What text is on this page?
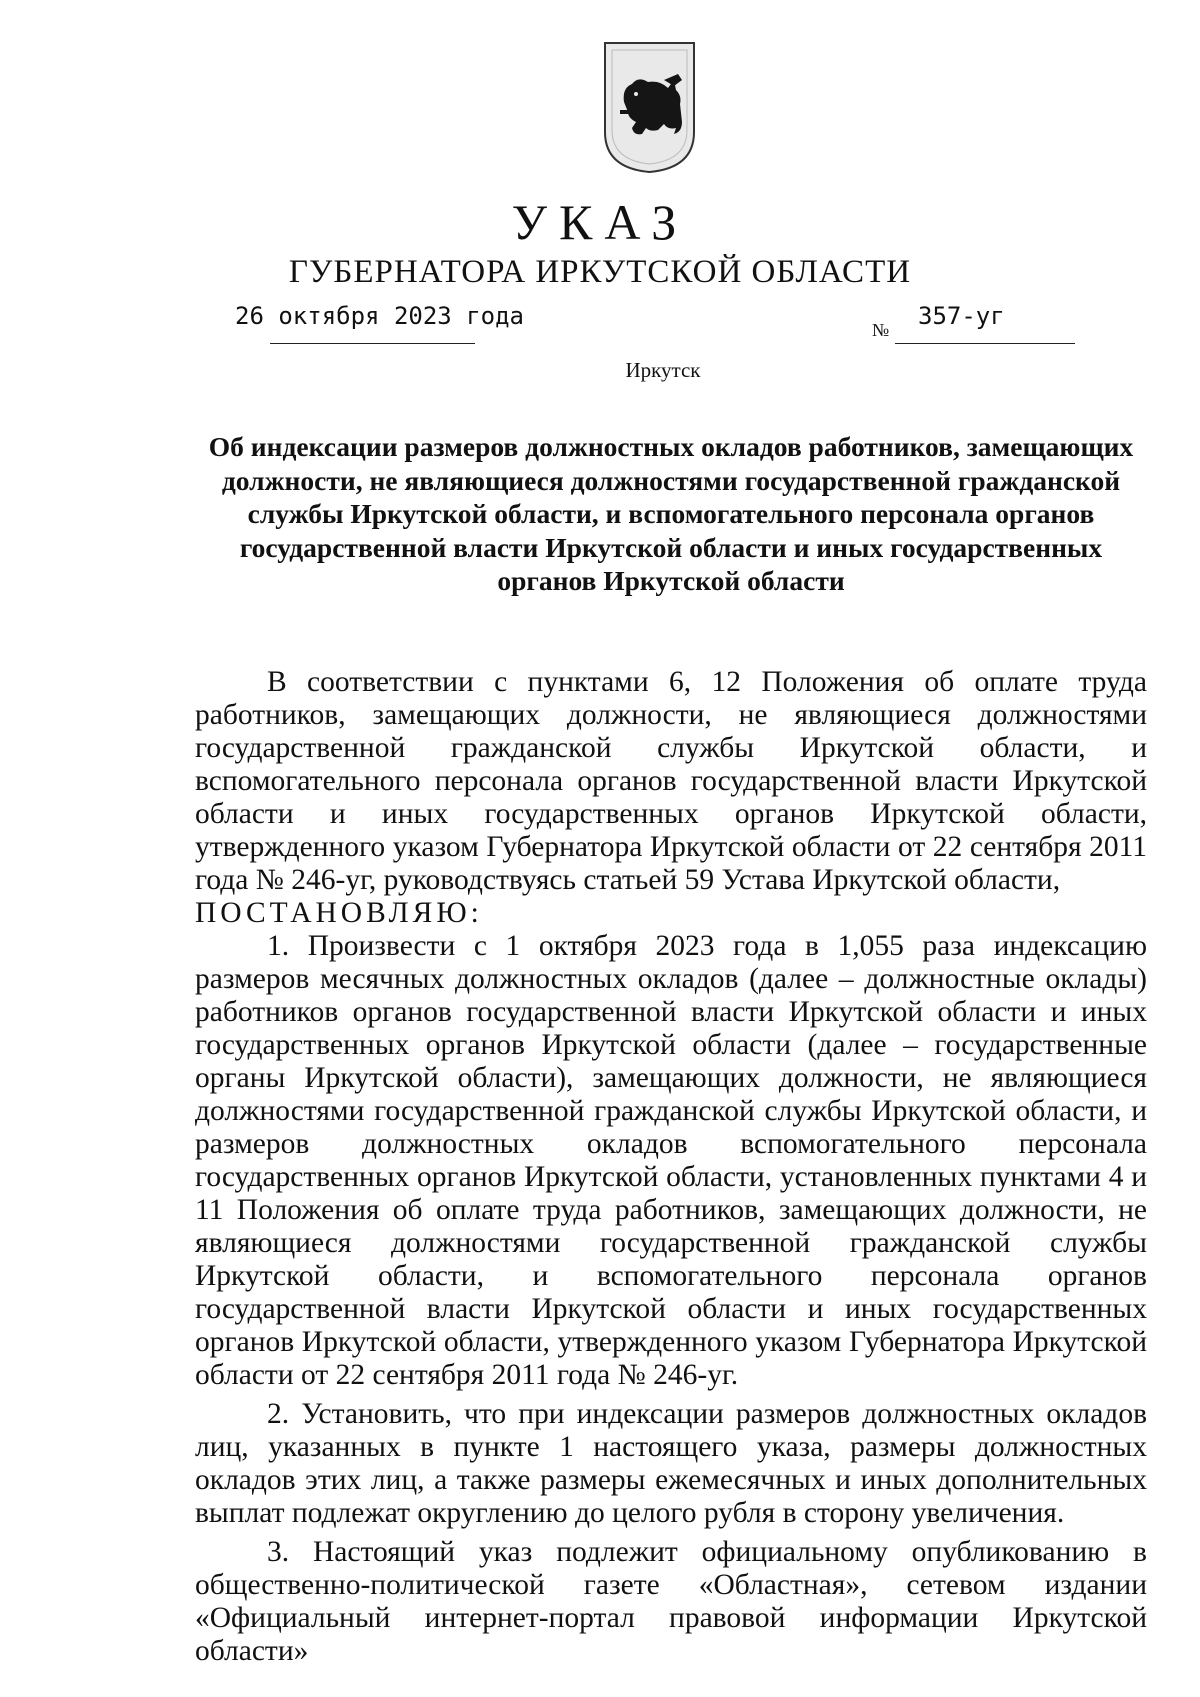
УКАЗ
ГУБЕРНАТОРА ИРКУТСКОЙ ОБЛАСТИ
26 октября 2023 года	№ 357-уг
Иркутск
Об индексации размеров должностных окладов работников, замещающих должности, не являющиеся должностями государственной гражданской службы Иркутской области, и вспомогательного персонала органов государственной власти Иркутской области и иных государственных органов Иркутской области

В соответствии с пунктами 6, 12 Положения об оплате труда работников, замещающих должности, не являющиеся должностями государственной гражданской службы Иркутской области, и вспомогательного персонала органов государственной власти Иркутской области и иных государственных органов Иркутской области, утвержденного указом Губернатора Иркутской области от 22 сентября 2011 года № 246-уг, руководствуясь статьей 59 Устава Иркутской области,

ПОСТАНОВЛЯЮ:

1. Произвести с 1 октября 2023 года в 1,055 раза индексацию размеров месячных должностных окладов (далее – должностные оклады) работников органов государственной власти Иркутской области и иных государственных органов Иркутской области (далее – государственные органы Иркутской области), замещающих должности, не являющиеся должностями государственной гражданской службы Иркутской области, и размеров должностных окладов вспомогательного персонала государственных органов Иркутской области, установленных пунктами 4 и 11 Положения об оплате труда работников, замещающих должности, не являющиеся должностями государственной гражданской службы Иркутской области, и вспомогательного персонала органов государственной власти Иркутской области и иных государственных органов Иркутской области, утвержденного указом Губернатора Иркутской области от 22 сентября 2011 года № 246-уг.

2. Установить, что при индексации размеров должностных окладов лиц, указанных в пункте 1 настоящего указа, размеры должностных окладов этих лиц, а также размеры ежемесячных и иных дополнительных выплат подлежат округлению до целого рубля в сторону увеличения.

3. Настоящий указ подлежит официальному опубликованию в общественно-политической газете «Областная», сетевом издании «Официальный интернет-портал правовой информации Иркутской области»
